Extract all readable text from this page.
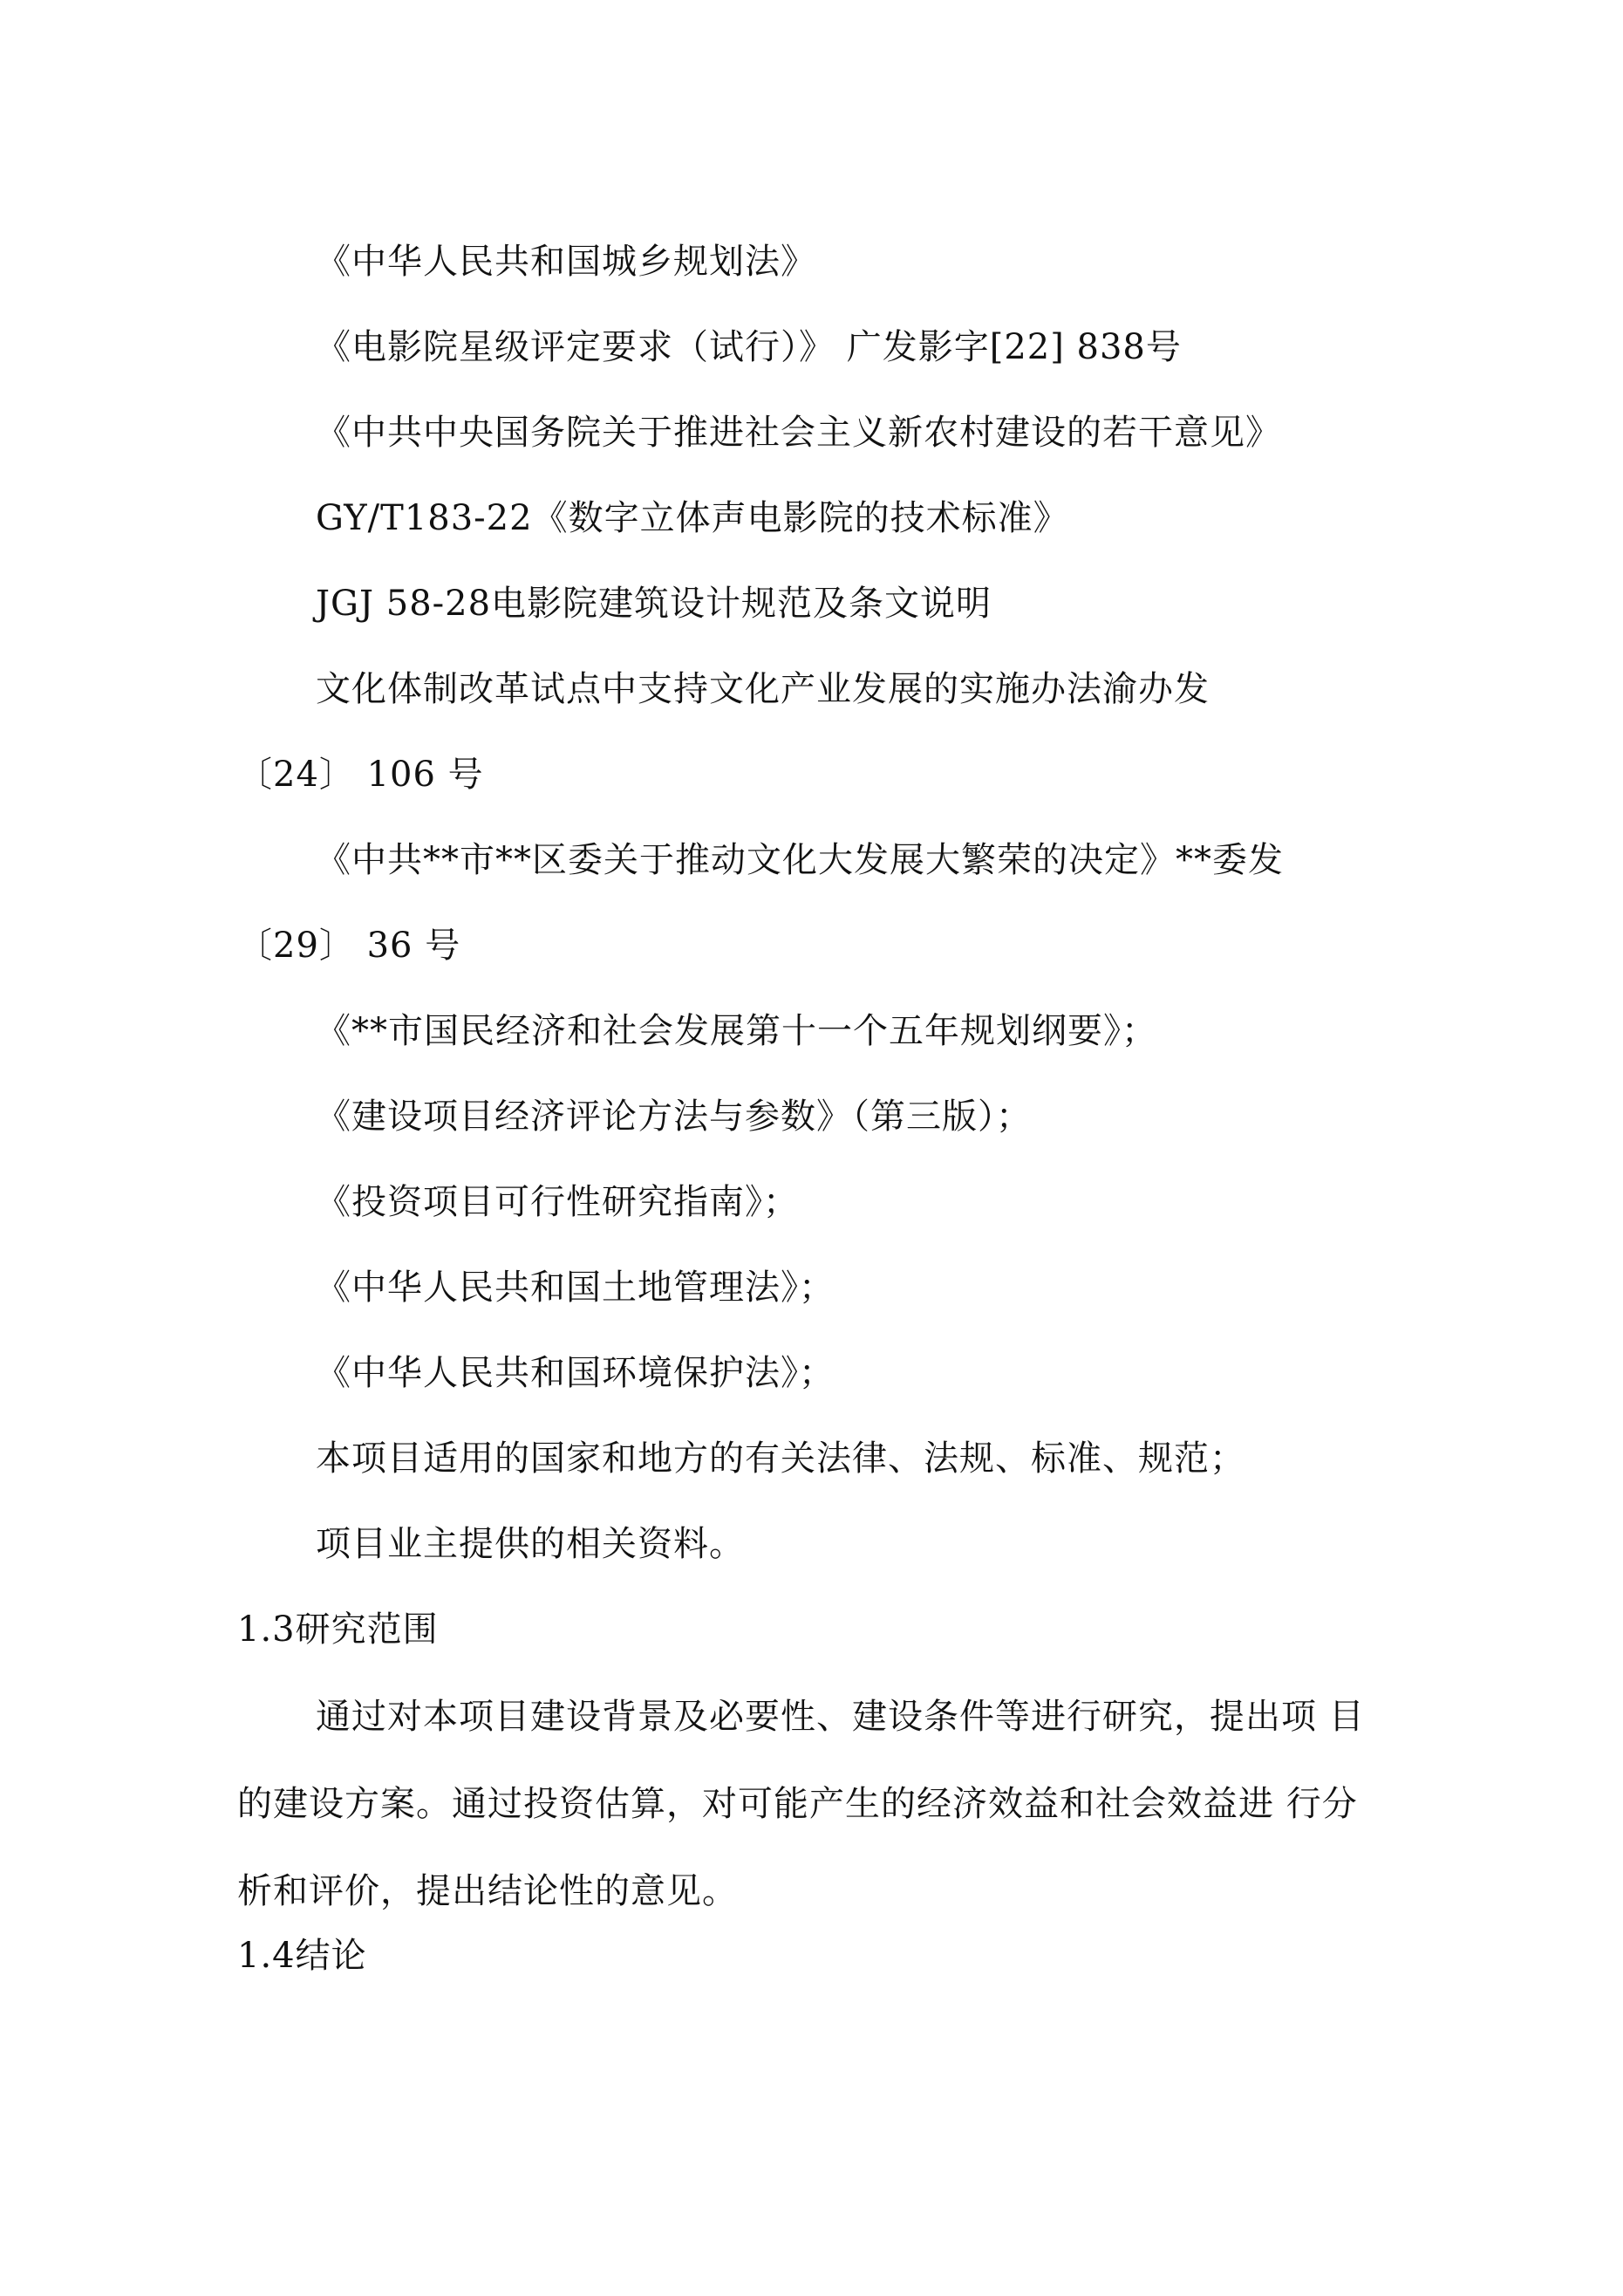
《中华人民共和国城乡规划法》
《电影院星级评定要求（试行）》 广发影字[22] 838号
《中共中央国务院关于推进社会主义新农村建设的若干意见》
GY/T183-22《数字立体声电影院的技术标准》
JGJ 58-28电影院建筑设计规范及条文说明
文化体制改革试点中支持文化产业发展的实施办法渝办发
〔24〕 106 号
《中共**市**区委关于推动文化大发展大繁荣的决定》**委发
〔29〕 36 号
《**市国民经济和社会发展第十一个五年规划纲要》；
《建设项目经济评论方法与参数》（第三版）；
《投资项目可行性研究指南》；
《中华人民共和国土地管理法》；
《中华人民共和国环境保护法》；
本项目适用的国家和地方的有关法律、法规、标准、规范；
项目业主提供的相关资料。
1.3研究范围
通过对本项目建设背景及必要性、建设条件等进行研究，提出项 目
的建设方案。通过投资估算，对可能产生的经济效益和社会效益进 行分
析和评价，提出结论性的意见。
1.4结论
